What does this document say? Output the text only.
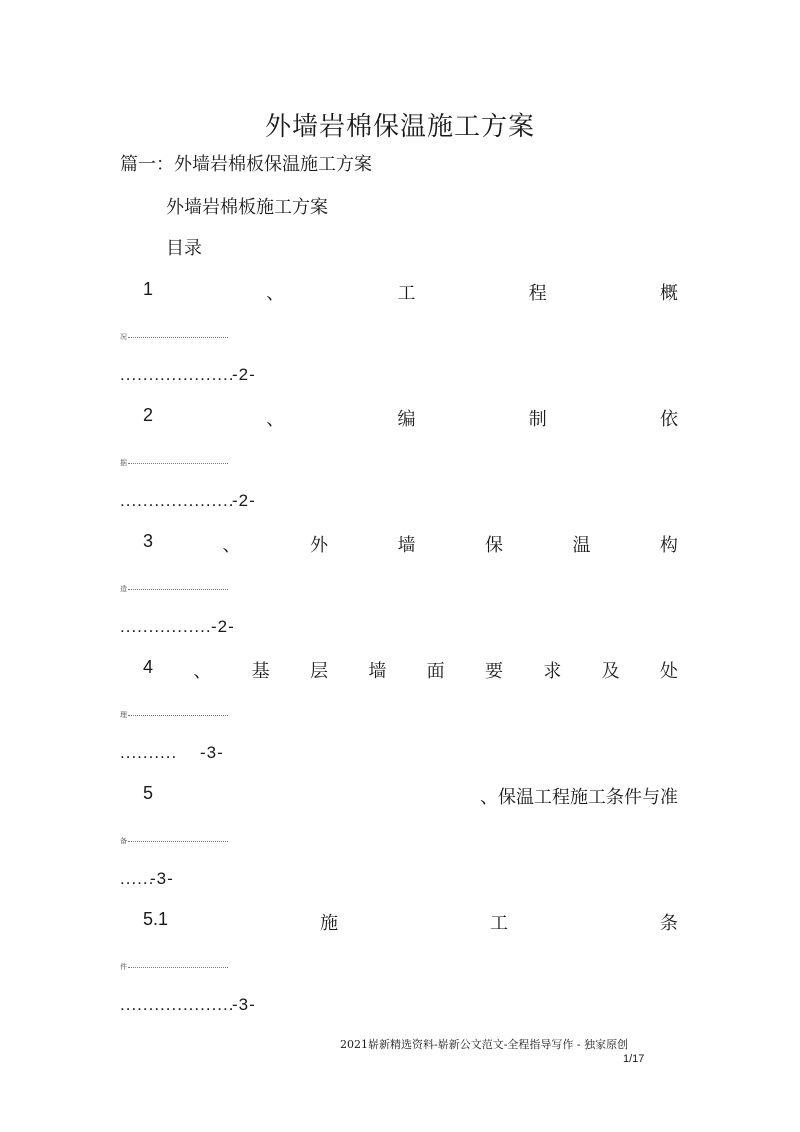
外墙岩棉保温施工方案
篇一：外墙岩棉板保温施工方案
外墙岩棉板施工方案
目录
1	、	工	程	概
况
....................
-2-
2	、	编	制	依
据
....................
-2-
3	、	外	墙	保	温	构
造
................ -2-
4 、 基 层 墙 面 要 求 及 处
理
.......... -3-
5	、保温工程施工条件与准
备
......
-3-
5.1	施	工	条
件
....................
-3-
2021崭新精选资料-崭新公文范文-全程指导写作 - 独家原创
1/17
